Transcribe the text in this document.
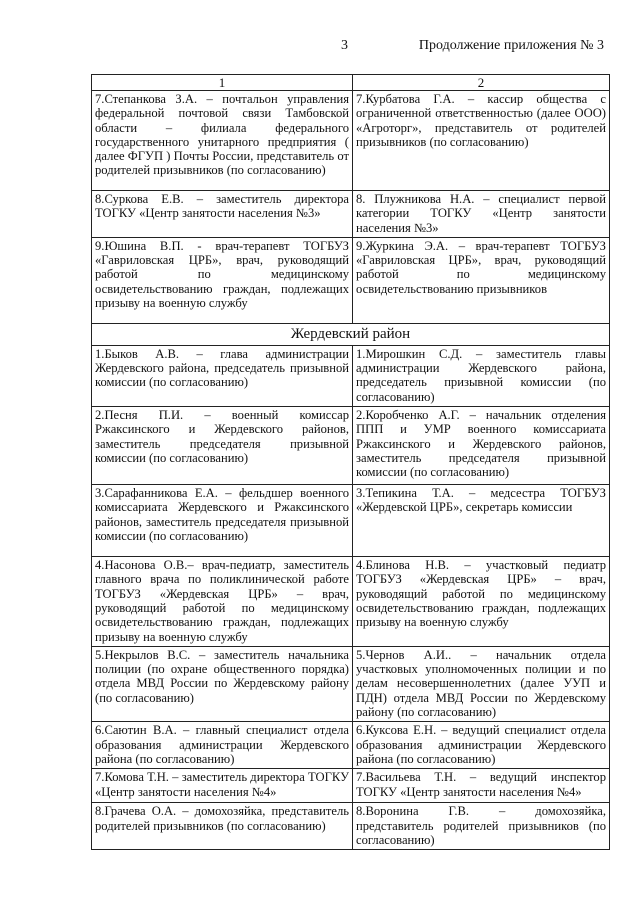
3	Продолжение приложения № 3
1	2

7.Степанкова З.А. – почтальон управления федеральной почтовой связи Тамбовской области – филиала федерального государственного унитарного предприятия ( далее ФГУП ) Почты России, представитель от родителей призывников (по согласованию)	7.Курбатова Г.А. – кассир общества с ограниченной ответственностью (далее ООО) «Агроторг», представитель от родителей призывников (по согласованию)

8.Суркова Е.В. – заместитель директора ТОГКУ «Центр занятости населения №3»	8. Плужникова Н.А. – специалист первой категории ТОГКУ «Центр занятости населения №3»

9.Юшина В.П. - врач-терапевт ТОГБУЗ «Гавриловская ЦРБ», врач, руководящий работой по медицинскому освидетельствованию граждан, подлежащих призыву на военную службу	9.Журкина Э.А. – врач-терапевт ТОГБУЗ «Гавриловская ЦРБ», врач, руководящий работой по медицинскому освидетельствованию призывников

Жердевский район	

1.Быков А.В. – глава администрации Жердевского района, председатель призывной комиссии (по согласованию)	1.Мирошкин С.Д. – заместитель главы администрации Жердевского района, председатель призывной комиссии (по согласованию)

2.Песня П.И. – военный комиссар Ржаксинского и Жердевского районов, заместитель председателя призывной комиссии (по согласованию)	2.Коробченко А.Г. – начальник отделения ППП и УМР военного комиссариата Ржаксинского и Жердевского районов, заместитель председателя призывной комиссии (по согласованию)

3.Сарафанникова Е.А. – фельдшер военного комиссариата Жердевского и Ржаксинского районов, заместитель председателя призывной комиссии (по согласованию)	3.Тепикина Т.А. – медсестра ТОГБУЗ «Жердевской ЦРБ», секретарь комиссии

4.Насонова О.В.– врач-педиатр, заместитель главного врача по поликлинической работе ТОГБУЗ «Жердевская ЦРБ» – врач, руководящий работой по медицинскому освидетельствованию граждан, подлежащих призыву на военную службу	4.Блинова Н.В. – участковый педиатр ТОГБУЗ «Жердевская ЦРБ» – врач, руководящий работой по медицинскому освидетельствованию граждан, подлежащих призыву на военную службу

5.Некрылов В.С. – заместитель начальника полиции (по охране общественного порядка) отдела МВД России по Жердевскому району (по согласованию)	5.Чернов А.И.. – начальник отдела участковых уполномоченных полиции и по делам несовершеннолетних (далее УУП и ПДН) отдела МВД России по Жердевскому району (по согласованию)

6.Саютин В.А. – главный специалист отдела образования администрации Жердевского района (по согласованию)	6.Куксова Е.Н. – ведущий специалист отдела образования администрации Жердевского района (по согласованию)

7.Комова Т.Н. – заместитель директора ТОГКУ «Центр занятости населения №4»	7.Васильева Т.Н. – ведущий инспектор ТОГКУ «Центр занятости населения №4»

8.Грачева О.А. – домохозяйка, представитель родителей призывников (по согласованию)	8.Воронина Г.В. – домохозяйка, представитель родителей призывников (по согласованию)
